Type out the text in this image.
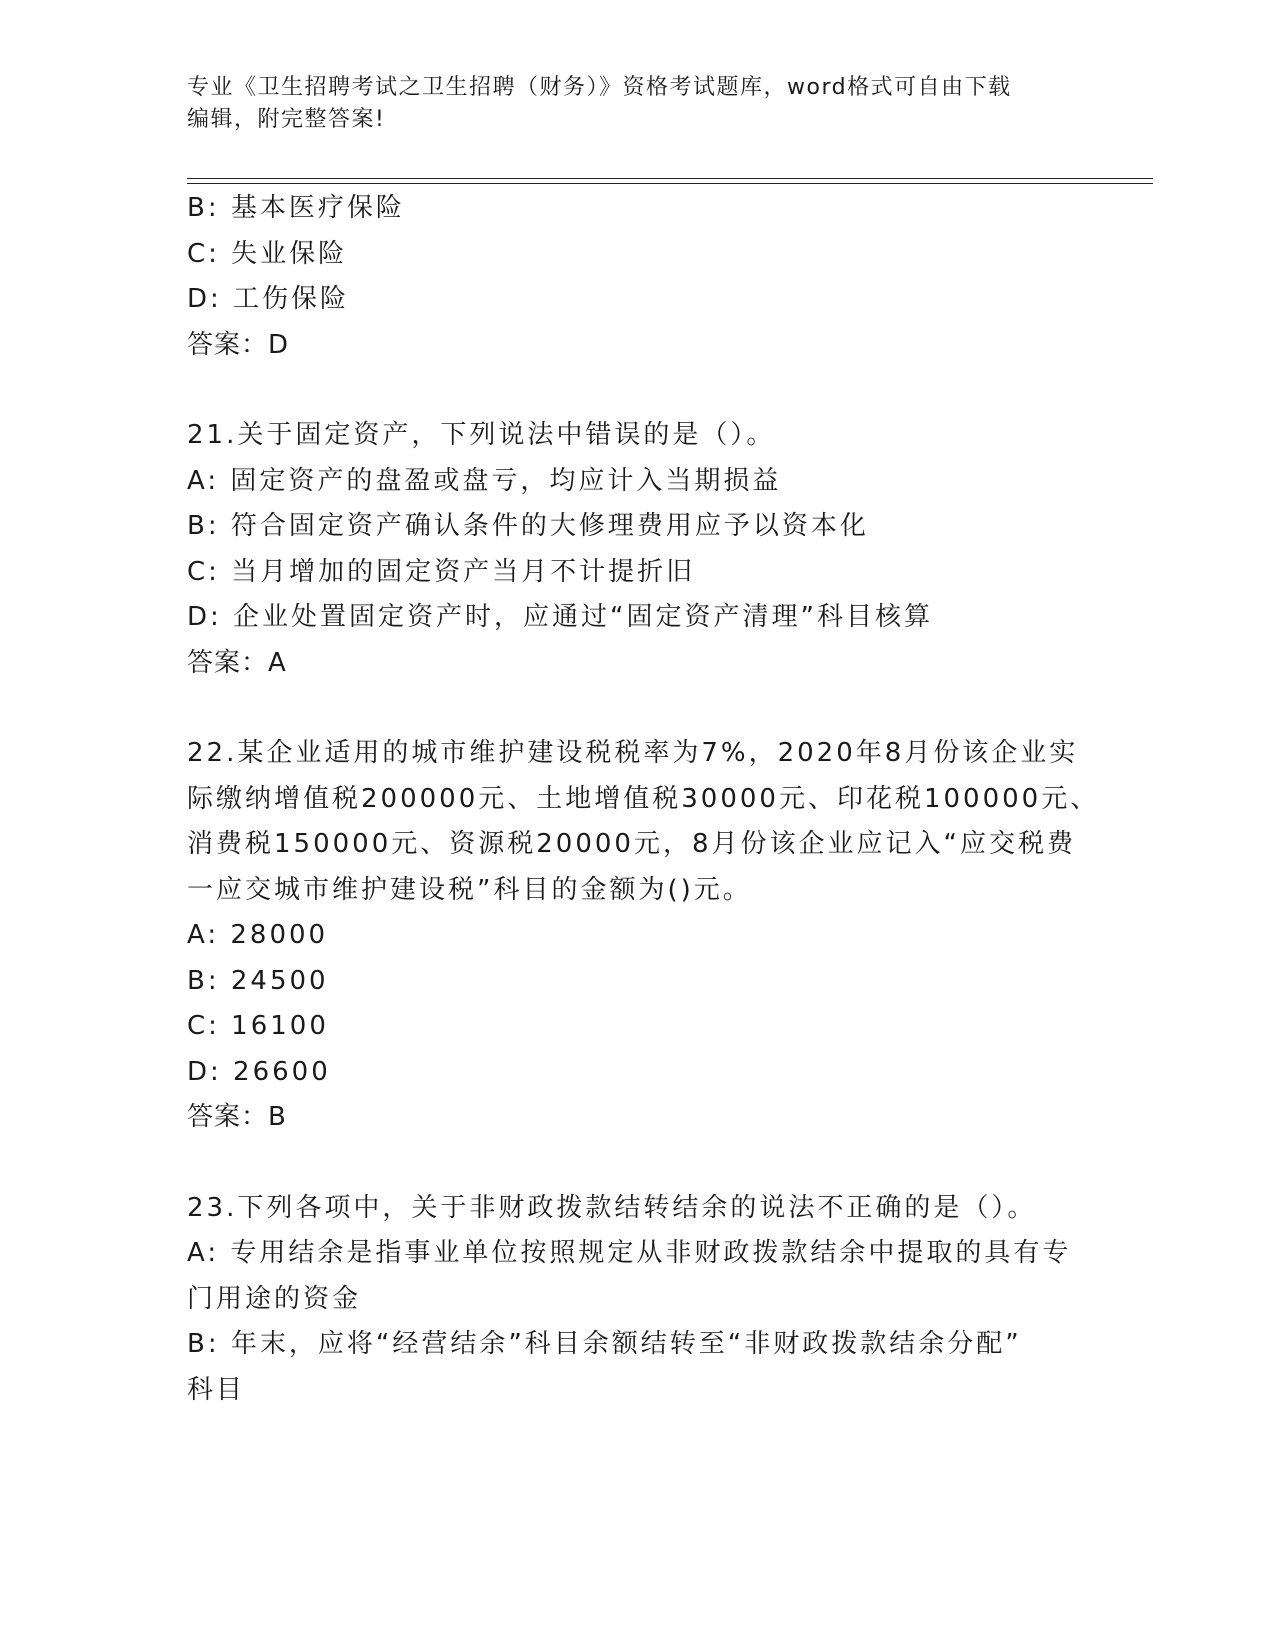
专业《卫生招聘考试之卫生招聘（财务）》资格考试题库，word格式可自由下载
编辑，附完整答案!
B: 基本医疗保险
C: 失业保险
D: 工伤保险
答案：D
21.关于固定资产，下列说法中错误的是（）。
A: 固定资产的盘盈或盘亏，均应计入当期损益
B: 符合固定资产确认条件的大修理费用应予以资本化
C: 当月增加的固定资产当月不计提折旧
D: 企业处置固定资产时，应通过“固定资产清理”科目核算
答案：A
22.某企业适用的城市维护建设税税率为7%，2020年8月份该企业实
际缴纳增值税200000元、土地增值税30000元、印花税100000元、
消费税150000元、资源税20000元，8月份该企业应记入“应交税费
一应交城市维护建设税”科目的金额为()元。
A: 28000
B: 24500
C: 16100
D: 26600
答案：B
23.下列各项中，关于非财政拨款结转结余的说法不正确的是（）。
A: 专用结余是指事业单位按照规定从非财政拨款结余中提取的具有专
门用途的资金
B: 年末，应将“经营结余”科目余额结转至“非财政拨款结余分配”
科目
